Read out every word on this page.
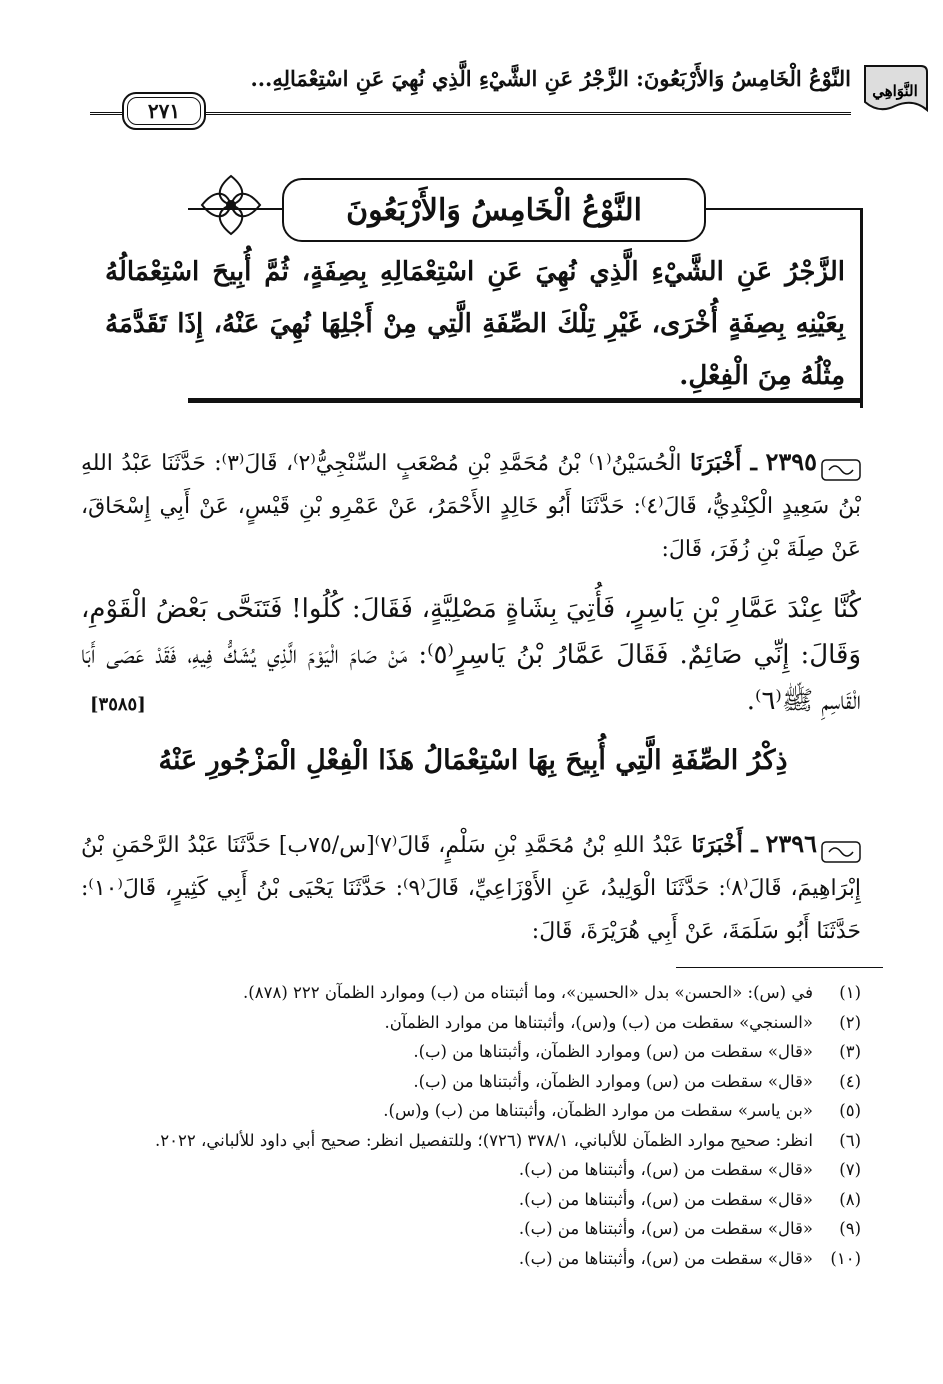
النَّوَاهِي
النَّوْعُ الْخَامِسُ وَالأَرْبَعُونَ: الزَّجْرُ عَنِ الشَّيْءِ الَّذِي نُهِيَ عَنِ اسْتِعْمَالِهِ...
٢٧١
النَّوْعُ الْخَامِسُ وَالأَرْبَعُونَ
الزَّجْرُ عَنِ الشَّيْءِ الَّذِي نُهِيَ عَنِ اسْتِعْمَالِهِ بِصِفَةٍ، ثُمَّ أُبِيحَ اسْتِعْمَالُهُ بِعَيْنِهِ بِصِفَةٍ أُخْرَى، غَيْرِ تِلْكَ الصِّفَةِ الَّتِي مِنْ أَجْلِهَا نُهِيَ عَنْهُ، إِذَا تَقَدَّمَهُ مِثْلُهُ مِنَ الْفِعْلِ.
٢٣٩٥ ـ أَخْبَرَنَا الْحُسَيْنُ⁽١⁾ بْنُ مُحَمَّدِ بْنِ مُصْعَبٍ السِّنْجِيُّ⁽٢⁾، قَالَ⁽٣⁾: حَدَّثَنَا عَبْدُ اللهِ بْنُ سَعِيدٍ الْكِنْدِيُّ، قَالَ⁽٤⁾: حَدَّثَنَا أَبُو خَالِدٍ الأَحْمَرُ، عَنْ عَمْرِو بْنِ قَيْسٍ، عَنْ أَبِي إِسْحَاقَ، عَنْ صِلَةَ بْنِ زُفَرَ، قَالَ:
كُنَّا عِنْدَ عَمَّارِ بْنِ يَاسِرٍ، فَأُتِيَ بِشَاةٍ مَصْلِيَّةٍ، فَقَالَ: كُلُوا! فَتَنَحَّى بَعْضُ الْقَوْمِ، وَقَالَ: إِنِّي صَائِمٌ. فَقَالَ عَمَّارُ بْنُ يَاسِرٍ⁽٥⁾: مَنْ صَامَ الْيَوْمَ الَّذِي يُشَكُّ فِيهِ، فَقَدْ عَصَى أَبَا الْقَاسِمِ ﷺ⁽٦⁾.
[٣٥٨٥]
ذِكْرُ الصِّفَةِ الَّتِي أُبِيحَ بِهَا اسْتِعْمَالُ هَذَا الْفِعْلِ الْمَزْجُورِ عَنْهُ
٢٣٩٦ ـ أَخْبَرَنَا عَبْدُ اللهِ بْنُ مُحَمَّدِ بْنِ سَلْمٍ، قَالَ⁽٧⁾[س/٧٥ب] حَدَّثَنَا عَبْدُ الرَّحْمَنِ بْنُ إِبْرَاهِيمَ، قَالَ⁽٨⁾: حَدَّثَنَا الْوَلِيدُ، عَنِ الأَوْزَاعِيِّ، قَالَ⁽٩⁾: حَدَّثَنَا يَحْيَى بْنُ أَبِي كَثِيرٍ، قَالَ⁽١٠⁾: حَدَّثَنَا أَبُو سَلَمَةَ، عَنْ أَبِي هُرَيْرَةَ، قَالَ:
(١)
في (س): «الحسن» بدل «الحسين»، وما أثبتناه من (ب) وموارد الظمآن ٢٢٢ (٨٧٨).
(٢)
«السنجي» سقطت من (ب) و(س)، وأثبتناها من موارد الظمآن.
(٣)
«قال» سقطت من (س) وموارد الظمآن، وأثبتناها من (ب).
(٤)
«قال» سقطت من (س) وموارد الظمآن، وأثبتناها من (ب).
(٥)
«بن ياسر» سقطت من موارد الظمآن، وأثبتناها من (ب) و(س).
(٦)
انظر: صحيح موارد الظمآن للألباني، ٣٧٨/١ (٧٢٦)؛ وللتفصيل انظر: صحيح أبي داود للألباني، ٢٠٢٢.
(٧)
«قال» سقطت من (س)، وأثبتناها من (ب).
(٨)
«قال» سقطت من (س)، وأثبتناها من (ب).
(٩)
«قال» سقطت من (س)، وأثبتناها من (ب).
(١٠)
«قال» سقطت من (س)، وأثبتناها من (ب).
